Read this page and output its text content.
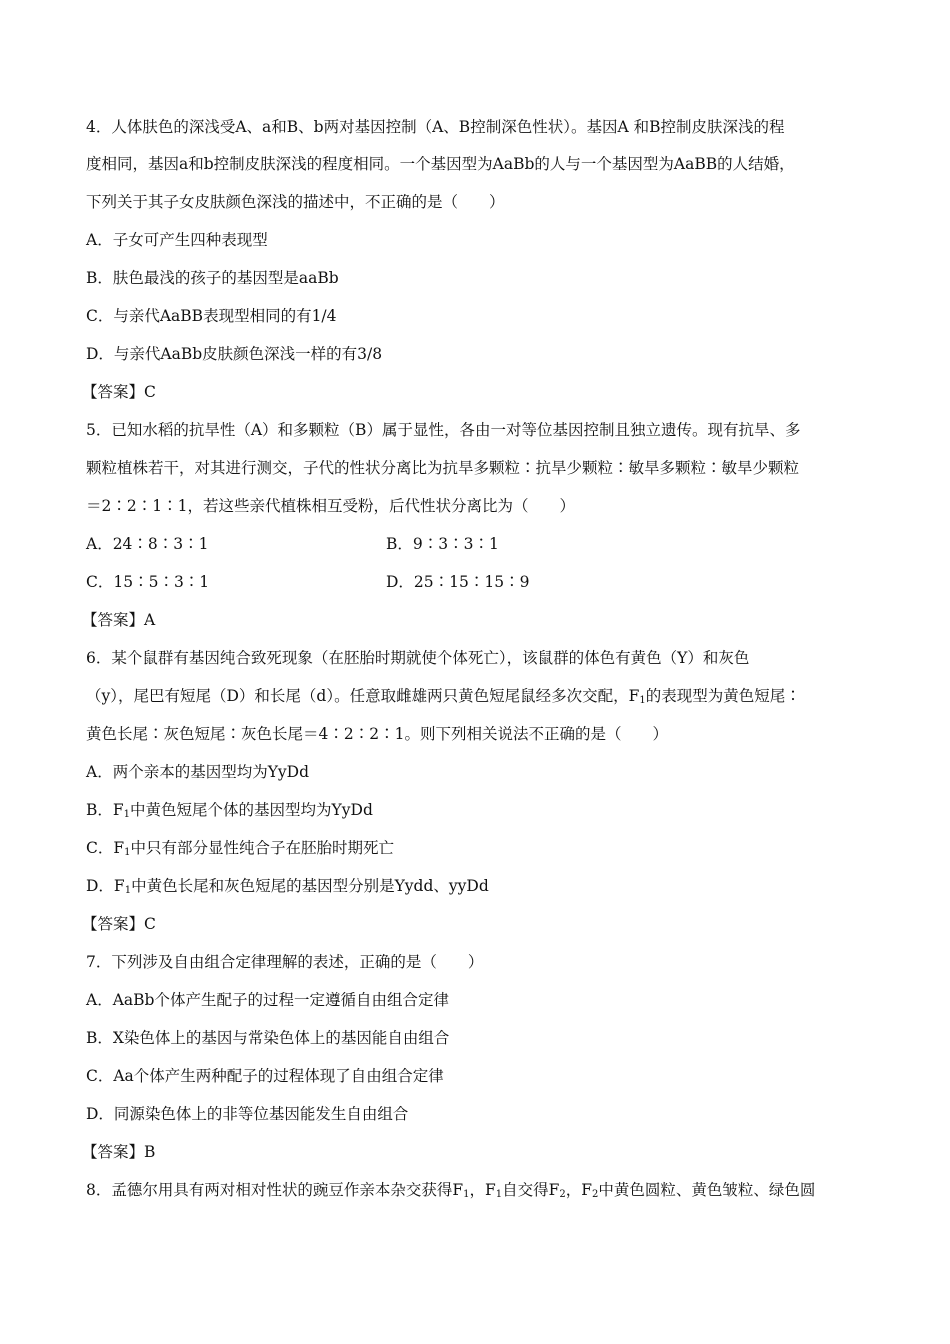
4．人体肤色的深浅受A、a和B、b两对基因控制（A、B控制深色性状）。基因A 和B控制皮肤深浅的程
度相同，基因a和b控制皮肤深浅的程度相同。一个基因型为AaBb的人与一个基因型为AaBB的人结婚，
下列关于其子女皮肤颜色深浅的描述中，不正确的是（　　）
A．子女可产生四种表现型
B．肤色最浅的孩子的基因型是aaBb
C．与亲代AaBB表现型相同的有1/4
D．与亲代AaBb皮肤颜色深浅一样的有3/8
【答案】C
5．已知水稻的抗旱性（A）和多颗粒（B）属于显性，各由一对等位基因控制且独立遗传。现有抗旱、多
颗粒植株若干，对其进行测交，子代的性状分离比为抗旱多颗粒∶抗旱少颗粒∶敏旱多颗粒∶敏旱少颗粒
＝2∶2∶1∶1，若这些亲代植株相互受粉，后代性状分离比为（　　）
A．24∶8∶3∶1	B．9∶3∶3∶1
C．15∶5∶3∶1	D．25∶15∶15∶9
【答案】A
6．某个鼠群有基因纯合致死现象（在胚胎时期就使个体死亡），该鼠群的体色有黄色（Y）和灰色
（y），尾巴有短尾（D）和长尾（d）。任意取雌雄两只黄色短尾鼠经多次交配，$F_1$的表现型为黄色短尾∶
黄色长尾∶灰色短尾∶灰色长尾＝4∶2∶2∶1。则下列相关说法不正确的是（　　）
A．两个亲本的基因型均为YyDd
B．$F_1$中黄色短尾个体的基因型均为YyDd
C．$F_1$中只有部分显性纯合子在胚胎时期死亡
D．$F_1$中黄色长尾和灰色短尾的基因型分别是Yydd、yyDd
【答案】C
7．下列涉及自由组合定律理解的表述，正确的是（　　）
A．AaBb个体产生配子的过程一定遵循自由组合定律
B．X染色体上的基因与常染色体上的基因能自由组合
C．Aa个体产生两种配子的过程体现了自由组合定律
D．同源染色体上的非等位基因能发生自由组合
【答案】B
8．孟德尔用具有两对相对性状的豌豆作亲本杂交获得$F_1$，$F_1$自交得$F_2$，$F_2$中黄色圆粒、黄色皱粒、绿色圆
